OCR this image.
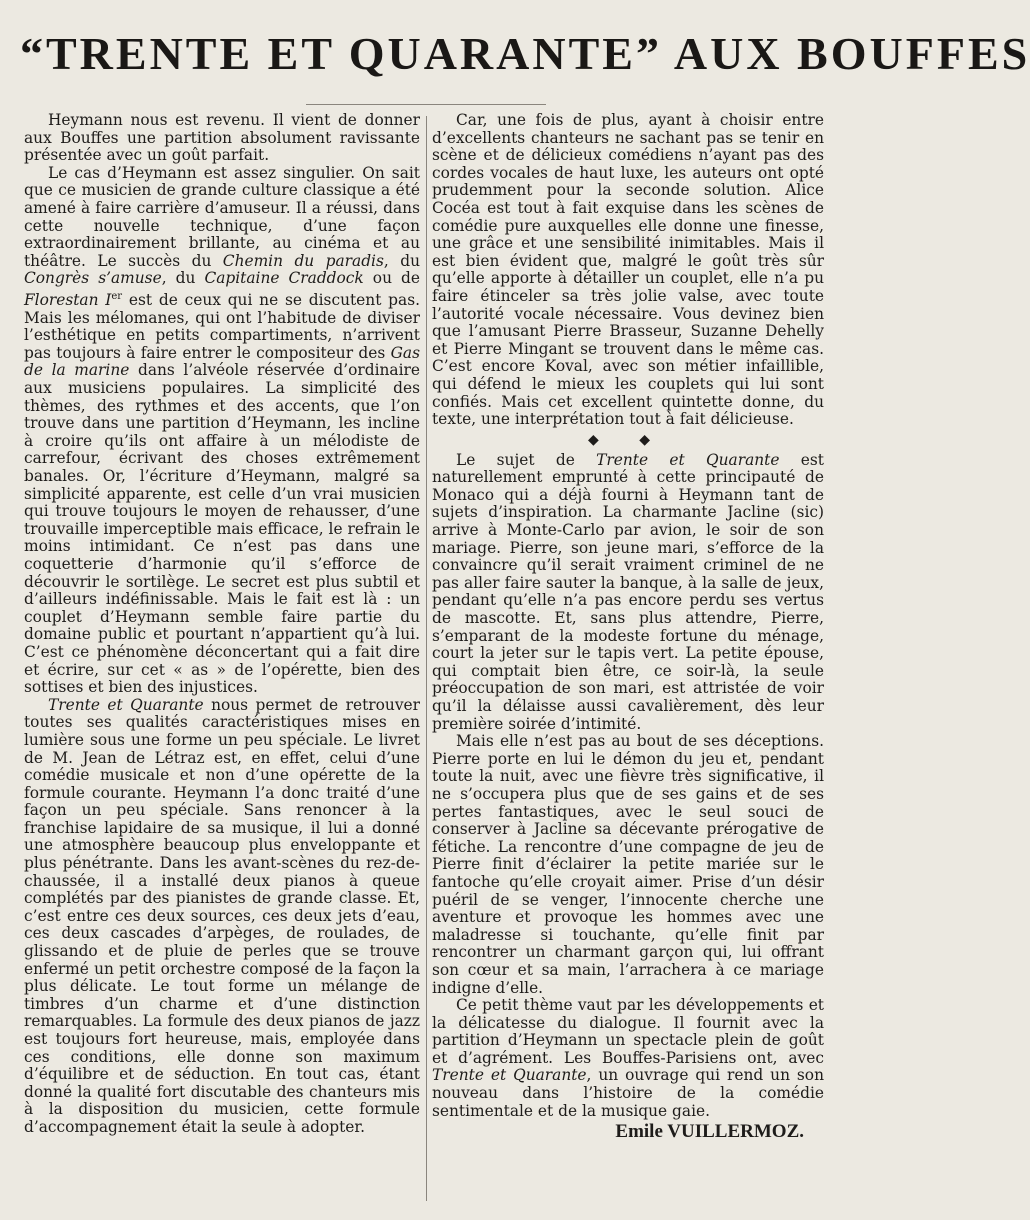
“TRENTE ET QUARANTE” AUX BOUFFES

Heymann nous est revenu. Il vient de donner aux Bouffes une partition absolument ravissante présentée avec un goût parfait.

Le cas d’Heymann est assez singulier. On sait que ce musicien de grande culture classique a été amené à faire carrière d’amuseur. Il a réussi, dans cette nouvelle technique, d’une façon extraordinairement brillante, au cinéma et au théâtre. Le succès du Chemin du paradis, du Congrès s’amuse, du Capitaine Craddock ou de Florestan Ier est de ceux qui ne se discutent pas. Mais les mélomanes, qui ont l’habitude de diviser l’esthétique en petits compartiments, n’arrivent pas toujours à faire entrer le compositeur des Gas de la marine dans l’alvéole réservée d’ordinaire aux musiciens populaires. La simplicité des thèmes, des rythmes et des accents, que l’on trouve dans une partition d’Heymann, les incline à croire qu’ils ont affaire à un mélodiste de carrefour, écrivant des choses extrêmement banales. Or, l’écriture d’Heymann, malgré sa simplicité apparente, est celle d’un vrai musicien qui trouve toujours le moyen de rehausser, d’une trouvaille imperceptible mais efficace, le refrain le moins intimidant. Ce n’est pas dans une coquetterie d’harmonie qu’il s’efforce de découvrir le sortilège. Le secret est plus subtil et d’ailleurs indéfinissable. Mais le fait est là : un couplet d’Heymann semble faire partie du domaine public et pourtant n’appartient qu’à lui. C’est ce phénomène déconcertant qui a fait dire et écrire, sur cet « as » de l’opérette, bien des sottises et bien des injustices.

Trente et Quarante nous permet de retrouver toutes ses qualités caractéristiques mises en lumière sous une forme un peu spéciale. Le livret de M. Jean de Létraz est, en effet, celui d’une comédie musicale et non d’une opérette de la formule courante. Heymann l’a donc traité d’une façon un peu spéciale. Sans renoncer à la franchise lapidaire de sa musique, il lui a donné une atmosphère beaucoup plus enveloppante et plus pénétrante. Dans les avant-scènes du rez-de-chaussée, il a installé deux pianos à queue complétés par des pianistes de grande classe. Et, c’est entre ces deux sources, ces deux jets d’eau, ces deux cascades d’arpèges, de roulades, de glissando et de pluie de perles que se trouve enfermé un petit orchestre composé de la façon la plus délicate. Le tout forme un mélange de timbres d’un charme et d’une distinction remarquables. La formule des deux pianos de jazz est toujours fort heureuse, mais, employée dans ces conditions, elle donne son maximum d’équilibre et de séduction. En tout cas, étant donné la qualité fort discutable des chanteurs mis à la disposition du musicien, cette formule d’accompagnement était la seule à adopter.

Car, une fois de plus, ayant à choisir entre d’excellents chanteurs ne sachant pas se tenir en scène et de délicieux comédiens n’ayant pas des cordes vocales de haut luxe, les auteurs ont opté prudemment pour la seconde solution. Alice Cocéa est tout à fait exquise dans les scènes de comédie pure auxquelles elle donne une finesse, une grâce et une sensibilité inimitables. Mais il est bien évident que, malgré le goût très sûr qu’elle apporte à détailler un couplet, elle n’a pu faire étinceler sa très jolie valse, avec toute l’autorité vocale nécessaire. Vous devinez bien que l’amusant Pierre Brasseur, Suzanne Dehelly et Pierre Mingant se trouvent dans le même cas. C’est encore Koval, avec son métier infaillible, qui défend le mieux les couplets qui lui sont confiés. Mais cet excellent quintette donne, du texte, une interprétation tout à fait délicieuse.

◆ ◆

Le sujet de Trente et Quarante est naturellement emprunté à cette principauté de Monaco qui a déjà fourni à Heymann tant de sujets d’inspiration. La charmante Jacline (sic) arrive à Monte-Carlo par avion, le soir de son mariage. Pierre, son jeune mari, s’efforce de la convaincre qu’il serait vraiment criminel de ne pas aller faire sauter la banque, à la salle de jeux, pendant qu’elle n’a pas encore perdu ses vertus de mascotte. Et, sans plus attendre, Pierre, s’emparant de la modeste fortune du ménage, court la jeter sur le tapis vert. La petite épouse, qui comptait bien être, ce soir-là, la seule préoccupation de son mari, est attristée de voir qu’il la délaisse aussi cavalièrement, dès leur première soirée d’intimité.

Mais elle n’est pas au bout de ses déceptions. Pierre porte en lui le démon du jeu et, pendant toute la nuit, avec une fièvre très significative, il ne s’occupera plus que de ses gains et de ses pertes fantastiques, avec le seul souci de conserver à Jacline sa décevante prérogative de fétiche. La rencontre d’une compagne de jeu de Pierre finit d’éclairer la petite mariée sur le fantoche qu’elle croyait aimer. Prise d’un désir puéril de se venger, l’innocente cherche une aventure et provoque les hommes avec une maladresse si touchante, qu’elle finit par rencontrer un charmant garçon qui, lui offrant son cœur et sa main, l’arrachera à ce mariage indigne d’elle.

Ce petit thème vaut par les développements et la délicatesse du dialogue. Il fournit avec la partition d’Heymann un spectacle plein de goût et d’agrément. Les Bouffes-Parisiens ont, avec Trente et Quarante, un ouvrage qui rend un son nouveau dans l’histoire de la comédie sentimentale et de la musique gaie.

Emile VUILLERMOZ.
